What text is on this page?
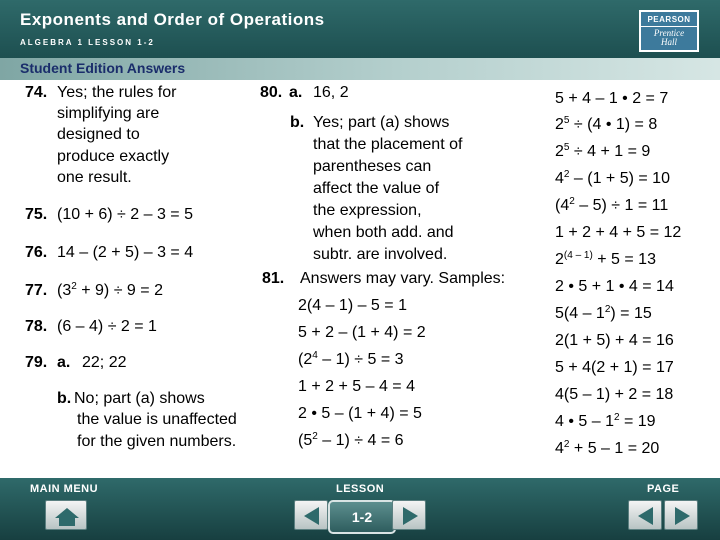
Exponents and Order of Operations
ALGEBRA 1 LESSON 1-2
PEARSON
Prentice
Hall
Student Edition Answers
74. Yes; the rules for
simplifying are
designed to
produce exactly
one result.
75. (10 + 6) ÷ 2 – 3 = 5
76. 14 – (2 + 5) – 3 = 4
77. $(3^2 + 9) \div 9 = 2$
78. (6 – 4) ÷ 2 = 1
79. a. 22; 22
b. No; part (a) shows
the value is unaffected
for the given numbers.
80. a. 16, 2
b. Yes; part (a) shows
that the placement of
parentheses can
affect the value of
the expression,
when both add. and
subtr. are involved.
81. Answers may vary. Samples:
2(4 – 1) – 5 = 1
5 + 2 – (1 + 4) = 2
$(2^4 - 1) \div 5 = 3$
1 + 2 + 5 – 4 = 4
2 • 5 – (1 + 4) = 5
$(5^2 - 1) \div 4 = 6$
5 + 4 – 1 • 2 = 7
$2^5 \div (4$ • 1) = 8
$2^5 \div 4 + 1 = 9$
$4^2 - (1 + 5) = 10$
$(4^2 - 5) \div 1 = 11$
1 + 2 + 4 + 5 = 12
$2^{(4 - 1)} + 5 = 13$
2 • 5 + 1 • 4 = 14
$5(4 - 1^2) = 15$
2(1 + 5) + 4 = 16
5 + 4(2 + 1) = 17
4(5 – 1) + 2 = 18
4 • $5 - 1^2 = 19$
$4^2 + 5 - 1 = 20$
MAIN MENU	LESSON
1-2
PAGE
